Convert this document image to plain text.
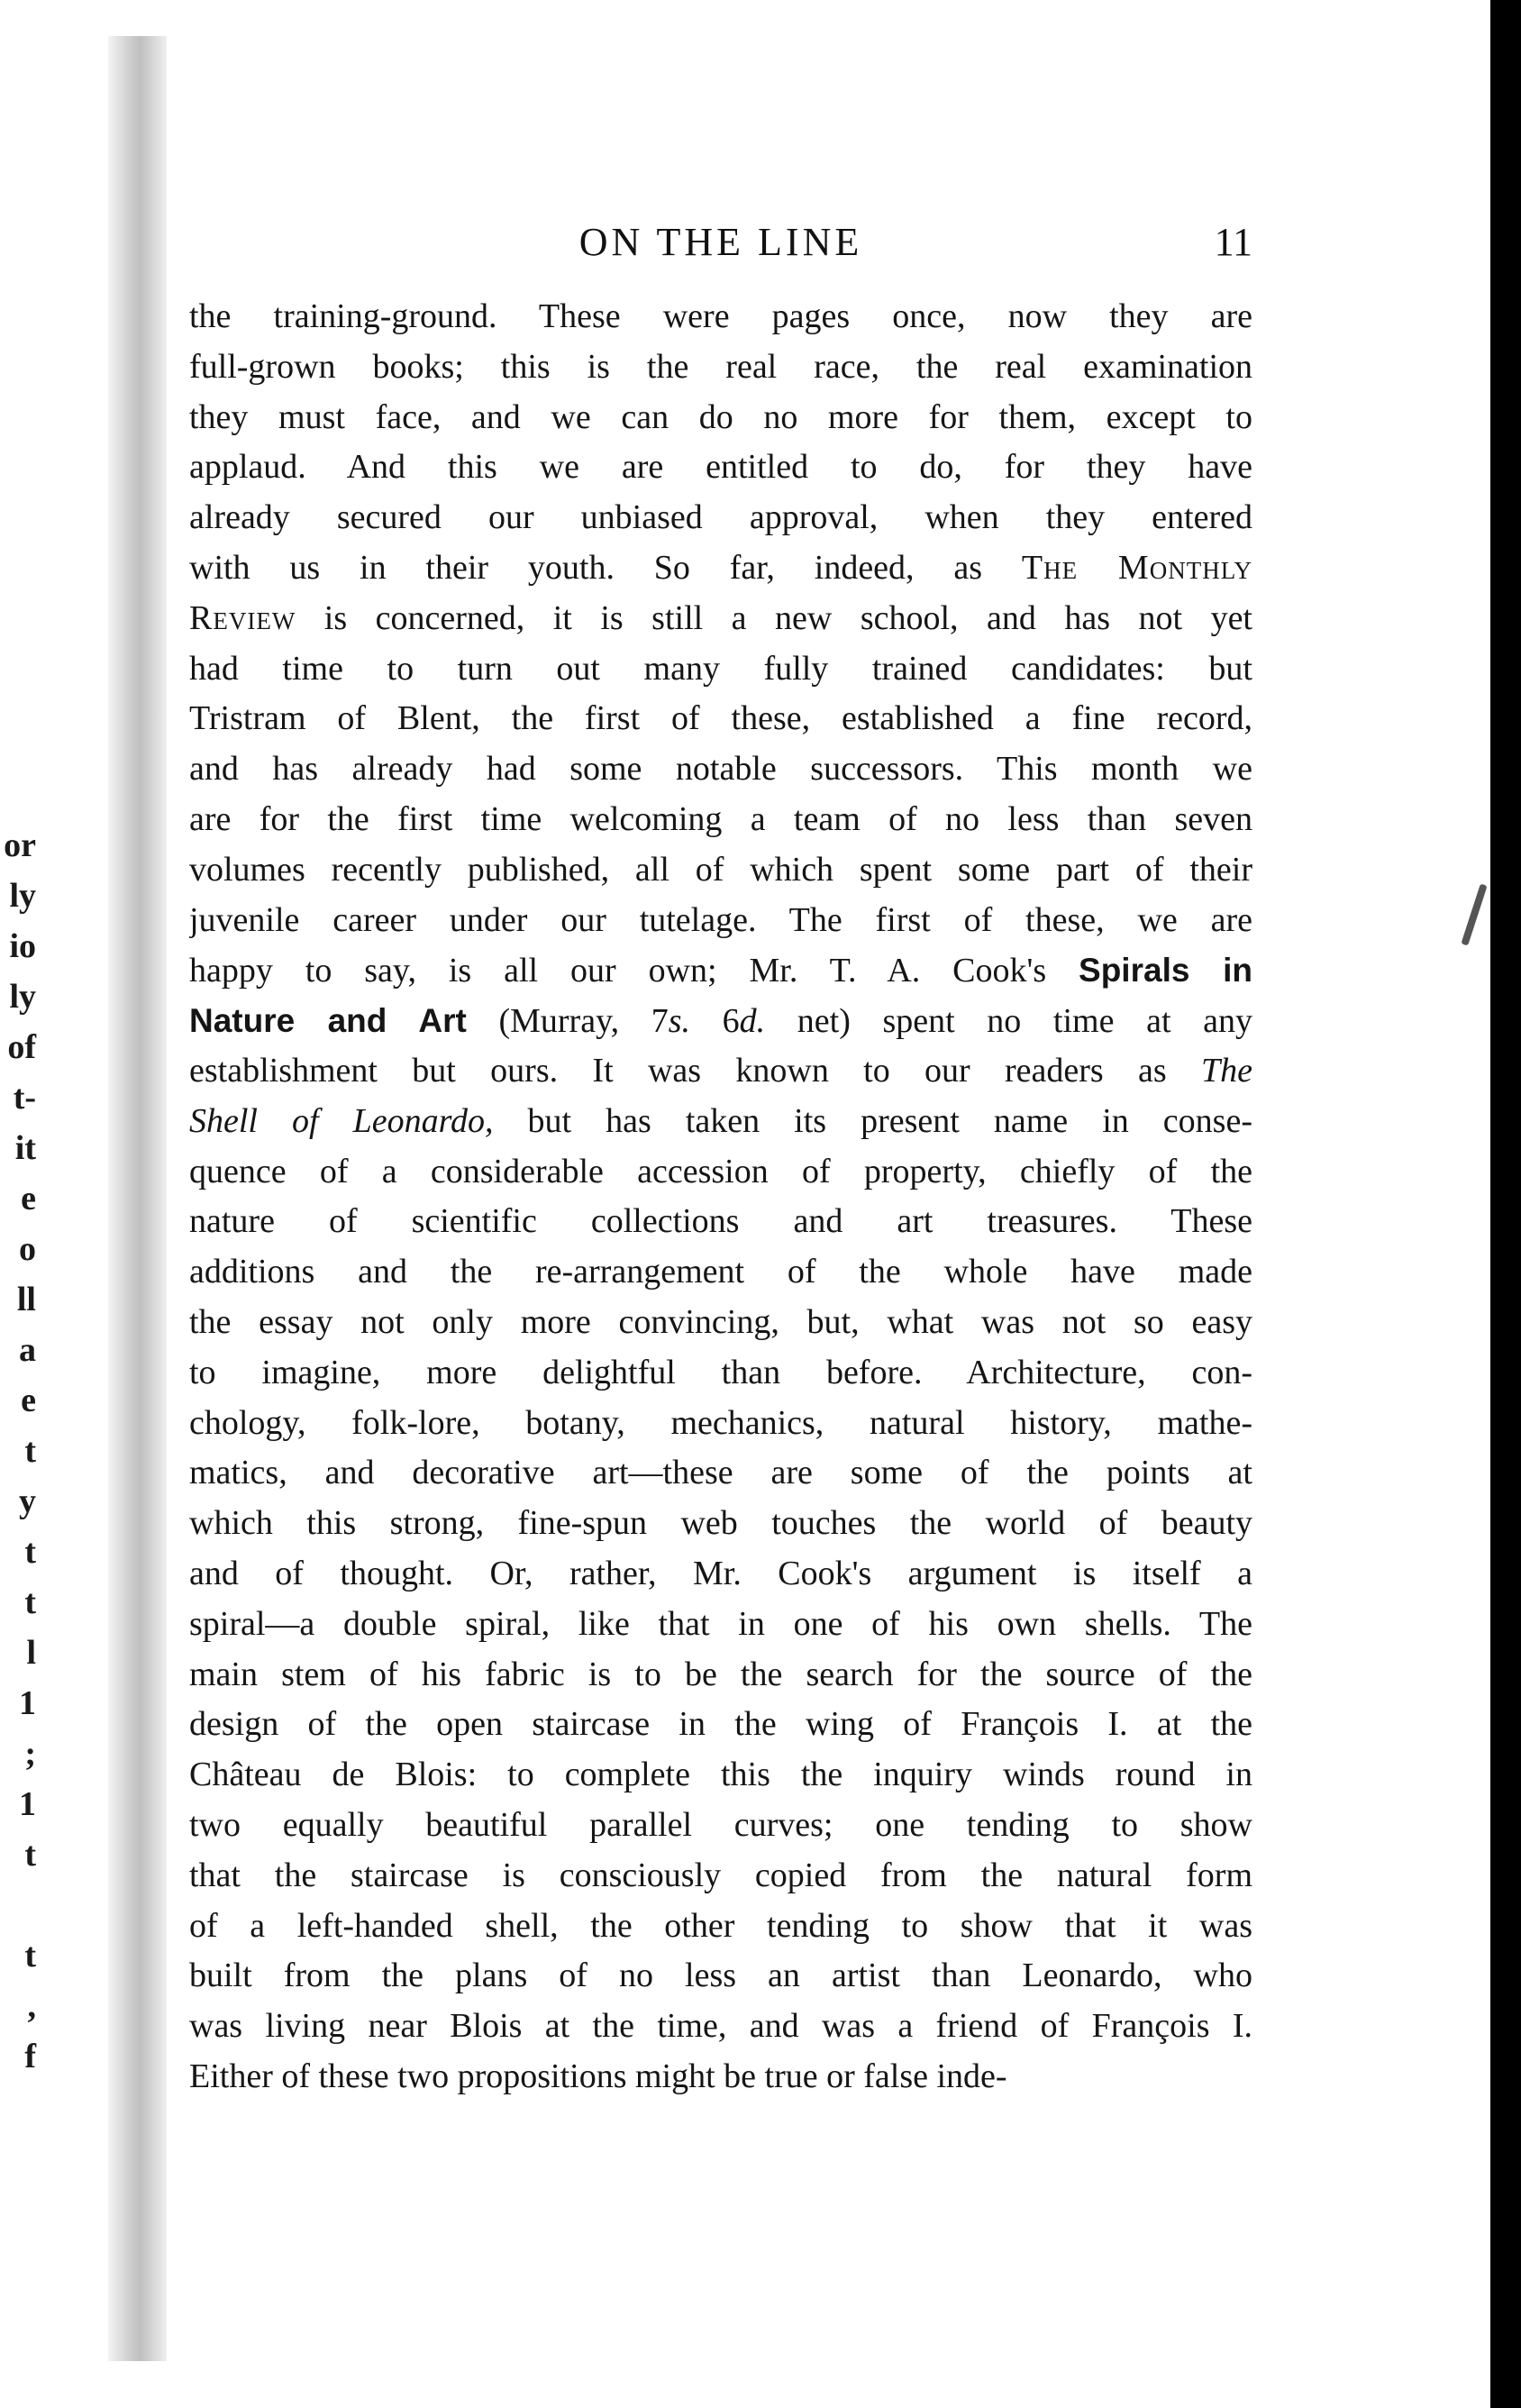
or
ly
io
ly
of
t-
it
e
o
ll
a
e
t
y
t
t
l
1
;
1
t
t
,
f
ON THE LINE	11
the training-ground. These were pages once, now they are
full-grown books; this is the real race, the real examination
they must face, and we can do no more for them, except to
applaud. And this we are entitled to do, for they have
already secured our unbiased approval, when they entered
with us in their youth. So far, indeed, as The Monthly
Review is concerned, it is still a new school, and has not yet
had time to turn out many fully trained candidates: but
Tristram of Blent, the first of these, established a fine record,
and has already had some notable successors. This month we
are for the first time welcoming a team of no less than seven
volumes recently published, all of which spent some part of their
juvenile career under our tutelage. The first of these, we are
happy to say, is all our own; Mr. T. A. Cook's Spirals in
Nature and Art (Murray, 7s. 6d. net) spent no time at any
establishment but ours. It was known to our readers as The
Shell of Leonardo, but has taken its present name in conse-
quence of a considerable accession of property, chiefly of the
nature of scientific collections and art treasures. These
additions and the re-arrangement of the whole have made
the essay not only more convincing, but, what was not so easy
to imagine, more delightful than before. Architecture, con-
chology, folk-lore, botany, mechanics, natural history, mathe-
matics, and decorative art—these are some of the points at
which this strong, fine-spun web touches the world of beauty
and of thought. Or, rather, Mr. Cook's argument is itself a
spiral—a double spiral, like that in one of his own shells. The
main stem of his fabric is to be the search for the source of the
design of the open staircase in the wing of François I. at the
Château de Blois: to complete this the inquiry winds round in
two equally beautiful parallel curves; one tending to show
that the staircase is consciously copied from the natural form
of a left-handed shell, the other tending to show that it was
built from the plans of no less an artist than Leonardo, who
was living near Blois at the time, and was a friend of François I.
Either of these two propositions might be true or false inde-
